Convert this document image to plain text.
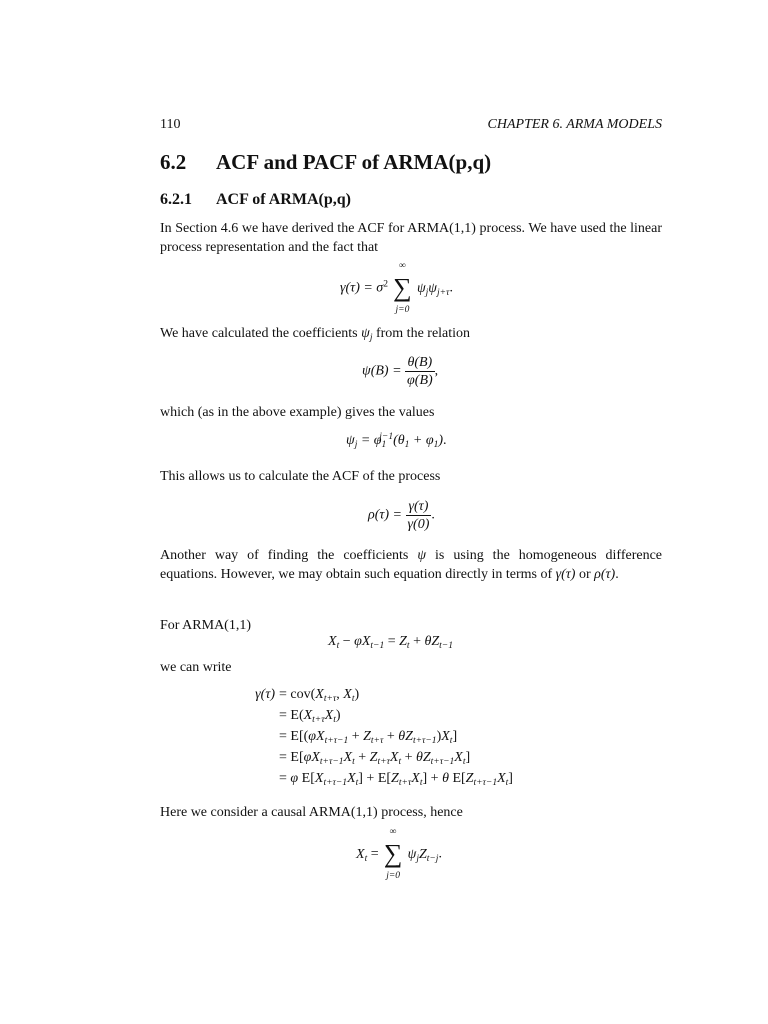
110	CHAPTER 6. ARMA MODELS
6.2 ACF and PACF of ARMA(p,q)
6.2.1 ACF of ARMA(p,q)
In Section 4.6 we have derived the ACF for ARMA(1,1) process. We have used the linear process representation and the fact that
$\gamma(\tau) = \sigma^2$
∞
∑
j=0
$\psi_j\psi_{j+\tau}$.
We have calculated the coefficients $\psi_j$ from the relation
$\psi(B) = \frac{\theta(B)}{\varphi(B)}$ ,
which (as in the above example) gives the values
$\psi_j = \varphi_1^{j-1}(\theta_1 + \varphi_1)$.
This allows us to calculate the ACF of the process
$\rho(\tau) = \frac{\gamma(\tau)}{\gamma(0)}$ .
Another way of finding the coefficients ψ is using the homogeneous difference equations. However, we may obtain such equation directly in terms of γ(τ) or ρ(τ).
For ARMA(1,1)
$X_t - \varphi X_{t-1} = Z_t + \theta Z_{t-1}$
we can write
$\gamma(\tau) = cov(X_{t+\tau}$, $X_t$)
= $E(X_{t+\tau}X_t)$
= $E[(\varphi X_{t+\tau-1} + Z_{t+\tau} + \theta Z_{t+\tau-1})X_t]$
= $E[\varphi X_{t+\tau-1}X_t + Z_{t+\tau}X_t + \theta Z_{t+\tau-1}X_t]$
= φ $E[X_{t+\tau-1}X_t] + E[Z_{t+\tau}X_t] + \theta$ $E[Z_{t+\tau-1}X_t]$
Here we consider a causal ARMA(1,1) process, hence
$X_t$ =
∞
∑
j=0
$\psi_jZ_{t-j}$.
